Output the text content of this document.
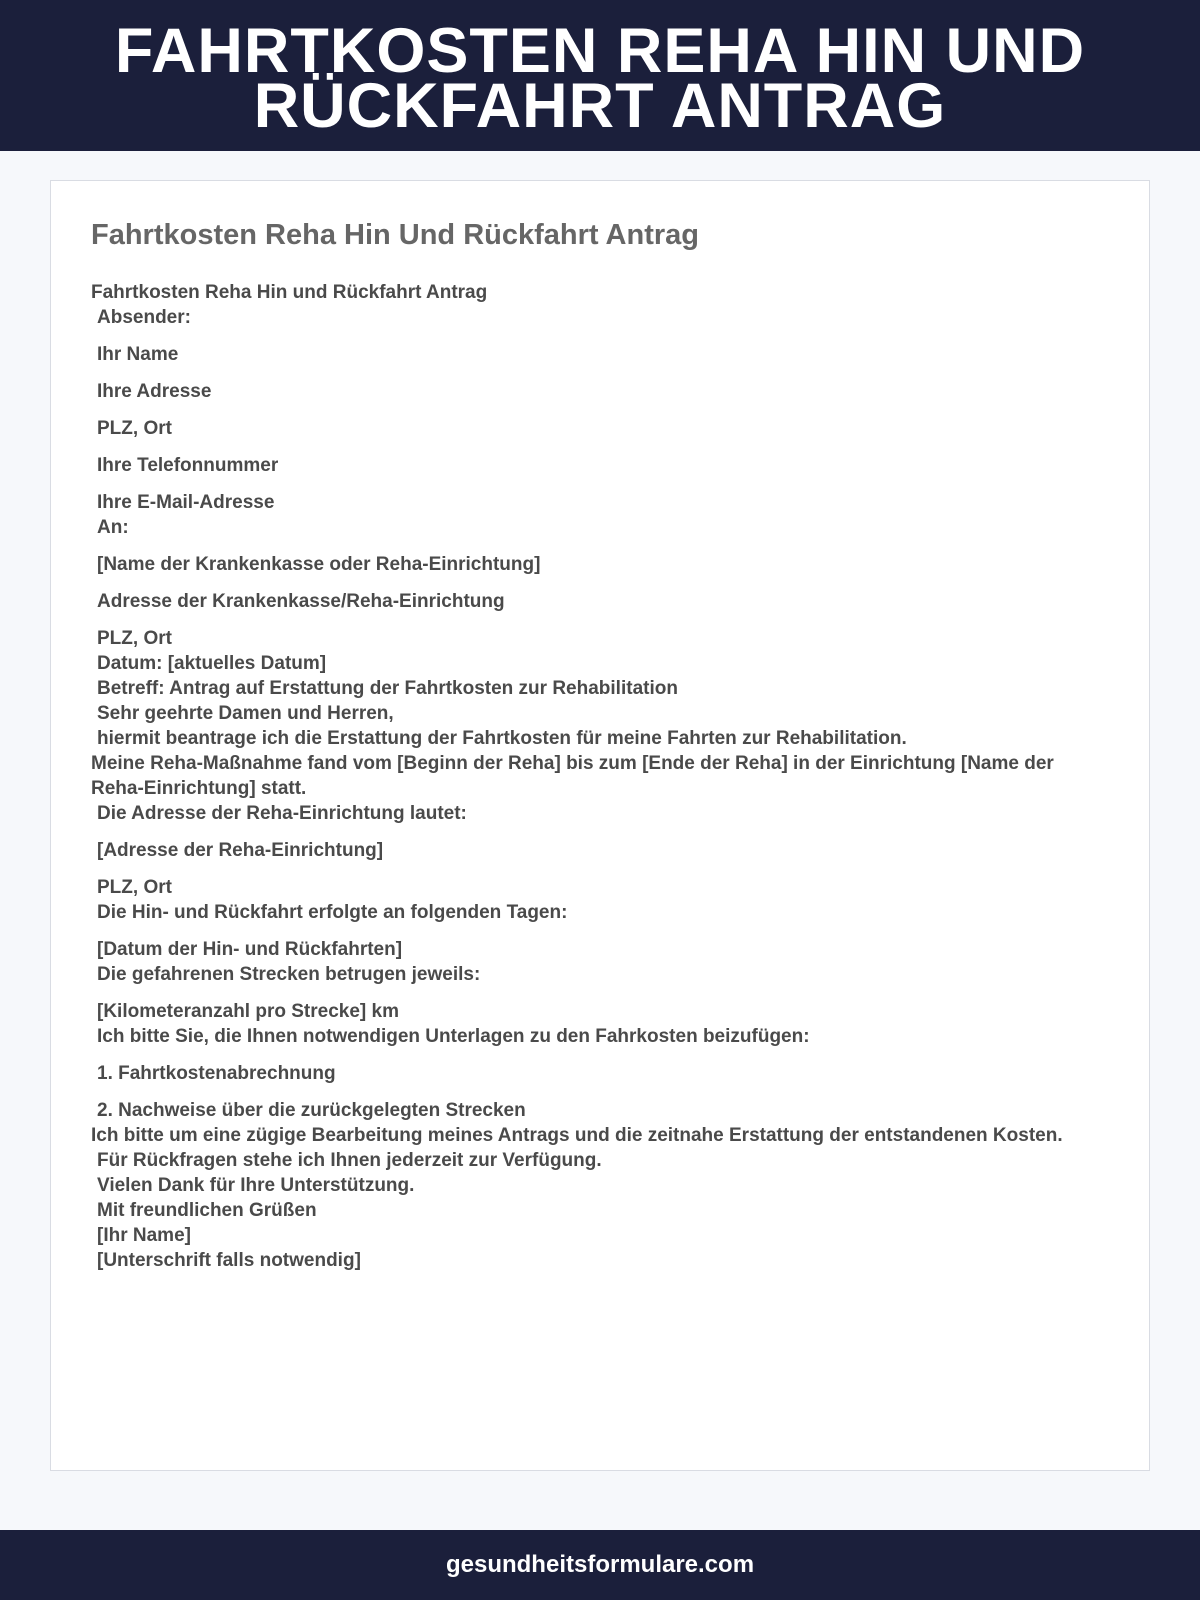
FAHRTKOSTEN REHA HIN UND RÜCKFAHRT ANTRAG
Fahrtkosten Reha Hin Und Rückfahrt Antrag

Fahrtkosten Reha Hin und Rückfahrt Antrag

Absender:

Ihr Name

Ihre Adresse

PLZ, Ort

Ihre Telefonnummer

Ihre E-Mail-Adresse

An:

[Name der Krankenkasse oder Reha-Einrichtung]

Adresse der Krankenkasse/Reha-Einrichtung

PLZ, Ort

Datum: [aktuelles Datum]

Betreff: Antrag auf Erstattung der Fahrtkosten zur Rehabilitation

Sehr geehrte Damen und Herren,

hiermit beantrage ich die Erstattung der Fahrtkosten für meine Fahrten zur Rehabilitation.

Meine Reha-Maßnahme fand vom [Beginn der Reha] bis zum [Ende der Reha] in der Einrichtung [Name der Reha-Einrichtung] statt.

Die Adresse der Reha-Einrichtung lautet:

[Adresse der Reha-Einrichtung]

PLZ, Ort

Die Hin- und Rückfahrt erfolgte an folgenden Tagen:

[Datum der Hin- und Rückfahrten]

Die gefahrenen Strecken betrugen jeweils:

[Kilometeranzahl pro Strecke] km

Ich bitte Sie, die Ihnen notwendigen Unterlagen zu den Fahrkosten beizufügen:

1. Fahrtkostenabrechnung

2. Nachweise über die zurückgelegten Strecken

Ich bitte um eine zügige Bearbeitung meines Antrags und die zeitnahe Erstattung der entstandenen Kosten.

Für Rückfragen stehe ich Ihnen jederzeit zur Verfügung.

Vielen Dank für Ihre Unterstützung.

Mit freundlichen Grüßen

[Ihr Name]

[Unterschrift falls notwendig]

gesundheitsformulare.com
